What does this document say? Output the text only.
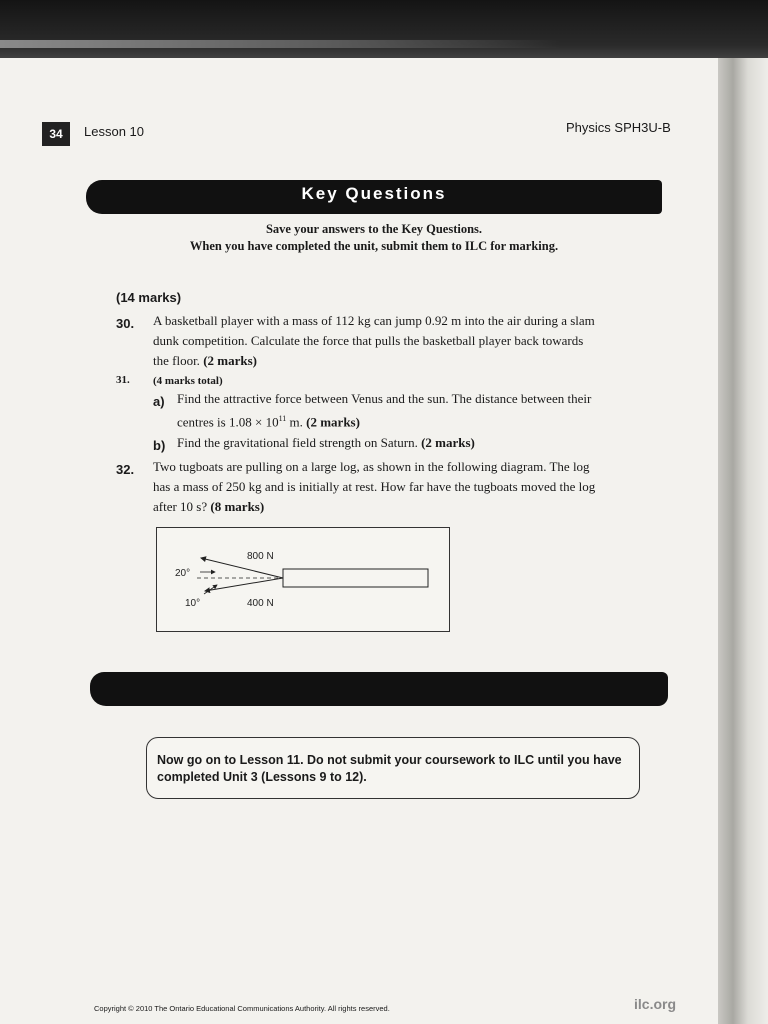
34	Lesson 10	Physics SPH3U-B
Key Questions
Save your answers to the Key Questions.
When you have completed the unit, submit them to ILC for marking.
(14 marks)
30. A basketball player with a mass of 112 kg can jump 0.92 m into the air during a slam
dunk competition. Calculate the force that pulls the basketball player back towards
the floor. (2 marks)
31. (4 marks total)
a) Find the attractive force between Venus and the sun. The distance between their
centres is $1.08 \times 10^{11}$ m. (2 marks)
b) Find the gravitational field strength on Saturn. (2 marks)
32. Two tugboats are pulling on a large log, as shown in the following diagram. The log
has a mass of 250 kg and is initially at rest. How far have the tugboats moved the log
after 10 s? (8 marks)
800 N
400 N
20°
10°
Now go on to Lesson 11. Do not submit your coursework to ILC until you have completed Unit 3 (Lessons 9 to 12).
Copyright © 2010 The Ontario Educational Communications Authority. All rights reserved.	ilc.org
